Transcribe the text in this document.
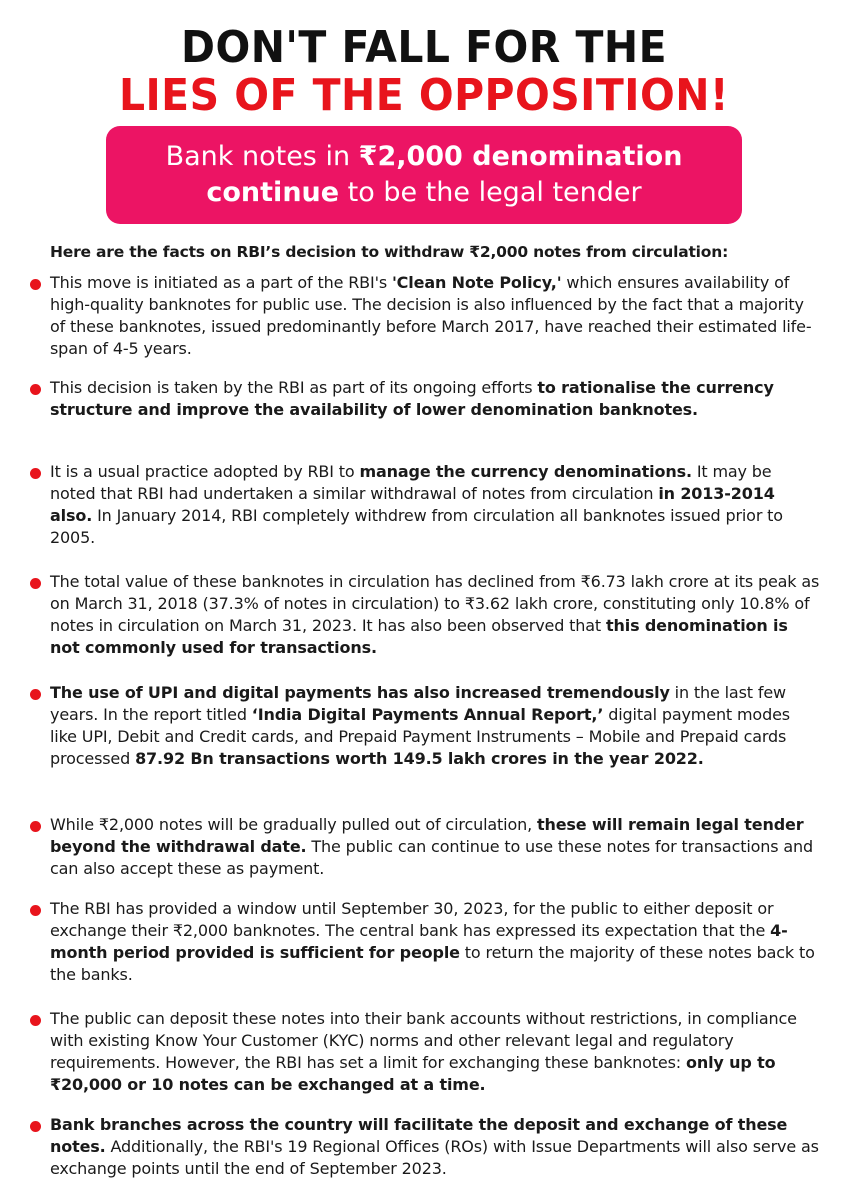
DON'T FALL FOR THE
LIES OF THE OPPOSITION!
Bank notes in ₹2,000 denomination
continue to be the legal tender
Here are the facts on RBI’s decision to withdraw ₹2,000 notes from circulation:
This move is initiated as a part of the RBI's 'Clean Note Policy,' which ensures availability of high-quality banknotes for public use. The decision is also influenced by the fact that a majority of these banknotes, issued predominantly before March 2017, have reached their estimated life-span of 4-5 years.
This decision is taken by the RBI as part of its ongoing efforts to rationalise the currency structure and improve the availability of lower denomination banknotes.
It is a usual practice adopted by RBI to manage the currency denominations. It may be noted that RBI had undertaken a similar withdrawal of notes from circulation in 2013-2014 also. In January 2014, RBI completely withdrew from circulation all banknotes issued prior to 2005.
The total value of these banknotes in circulation has declined from ₹6.73 lakh crore at its peak as on March 31, 2018 (37.3% of notes in circulation) to ₹3.62 lakh crore, constituting only 10.8% of notes in circulation on March 31, 2023. It has also been observed that this denomination is not commonly used for transactions.
The use of UPI and digital payments has also increased tremendously in the last few years. In the report titled ‘India Digital Payments Annual Report,’ digital payment modes like UPI, Debit and Credit cards, and Prepaid Payment Instruments – Mobile and Prepaid cards processed 87.92 Bn transactions worth 149.5 lakh crores in the year 2022.
While ₹2,000 notes will be gradually pulled out of circulation, these will remain legal tender beyond the withdrawal date. The public can continue to use these notes for transactions and can also accept these as payment.
The RBI has provided a window until September 30, 2023, for the public to either deposit or exchange their ₹2,000 banknotes. The central bank has expressed its expectation that the 4-month period provided is sufficient for people to return the majority of these notes back to the banks.
The public can deposit these notes into their bank accounts without restrictions, in compliance with existing Know Your Customer (KYC) norms and other relevant legal and regulatory requirements. However, the RBI has set a limit for exchanging these banknotes: only up to ₹20,000 or 10 notes can be exchanged at a time.
Bank branches across the country will facilitate the deposit and exchange of these notes. Additionally, the RBI's 19 Regional Offices (ROs) with Issue Departments will also serve as exchange points until the end of September 2023.
